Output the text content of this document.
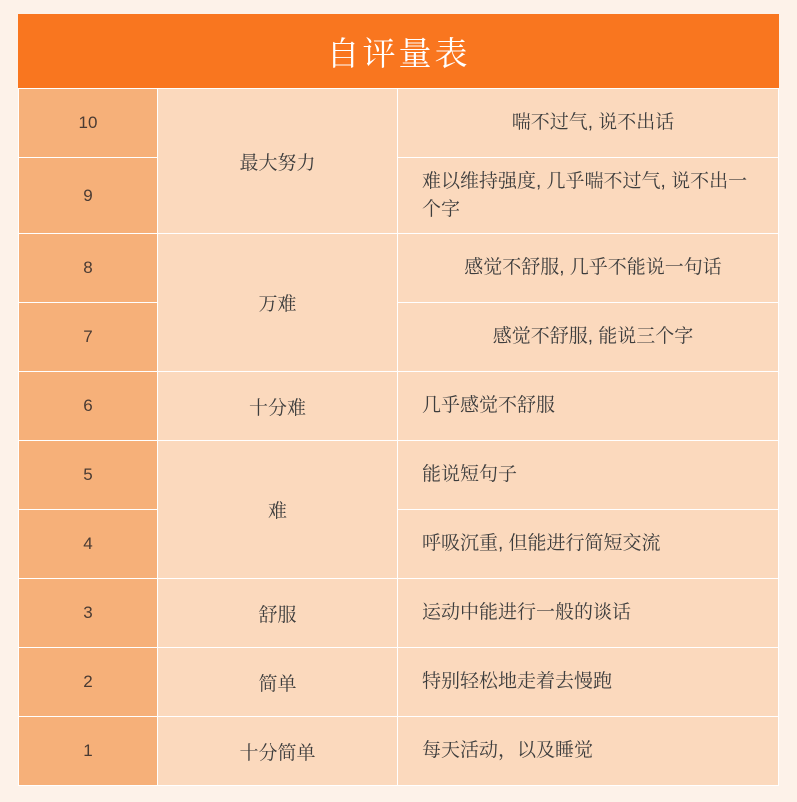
自评量表
10	最大努力	喘不过气, 说不出话
9		难以维持强度, 几乎喘不过气, 说不出一个字
8	万难	感觉不舒服, 几乎不能说一句话
7		感觉不舒服, 能说三个字
6	十分难	几乎感觉不舒服
5	难	能说短句子
4		呼吸沉重, 但能进行简短交流
3	舒服	运动中能进行一般的谈话
2	简单	特别轻松地走着去慢跑
1	十分简单	每天活动，以及睡觉
